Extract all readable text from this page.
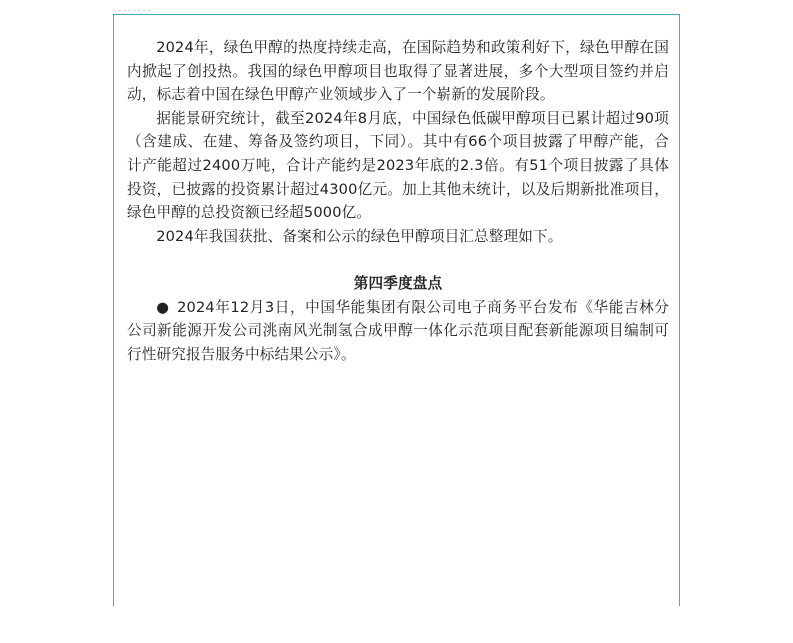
2024年，绿色甲醇的热度持续走高，在国际趋势和政策利好下，绿色甲醇在国内掀起了创投热。我国的绿色甲醇项目也取得了显著进展，多个大型项目签约并启动，标志着中国在绿色甲醇产业领域步入了一个崭新的发展阶段。

据能景研究统计，截至2024年8月底，中国绿色低碳甲醇项目已累计超过90项（含建成、在建、筹备及签约项目，下同）。其中有66个项目披露了甲醇产能，合计产能超过2400万吨，合计产能约是2023年底的2.3倍。有51个项目披露了具体投资，已披露的投资累计超过4300亿元。加上其他未统计，以及后期新批准项目，绿色甲醇的总投资额已经超5000亿。

2024年我国获批、备案和公示的绿色甲醇项目汇总整理如下。

第四季度盘点

● 2024年12月3日，中国华能集团有限公司电子商务平台发布《华能吉林分公司新能源开发公司洮南风光制氢合成甲醇一体化示范项目配套新能源项目编制可行性研究报告服务中标结果公示》。
